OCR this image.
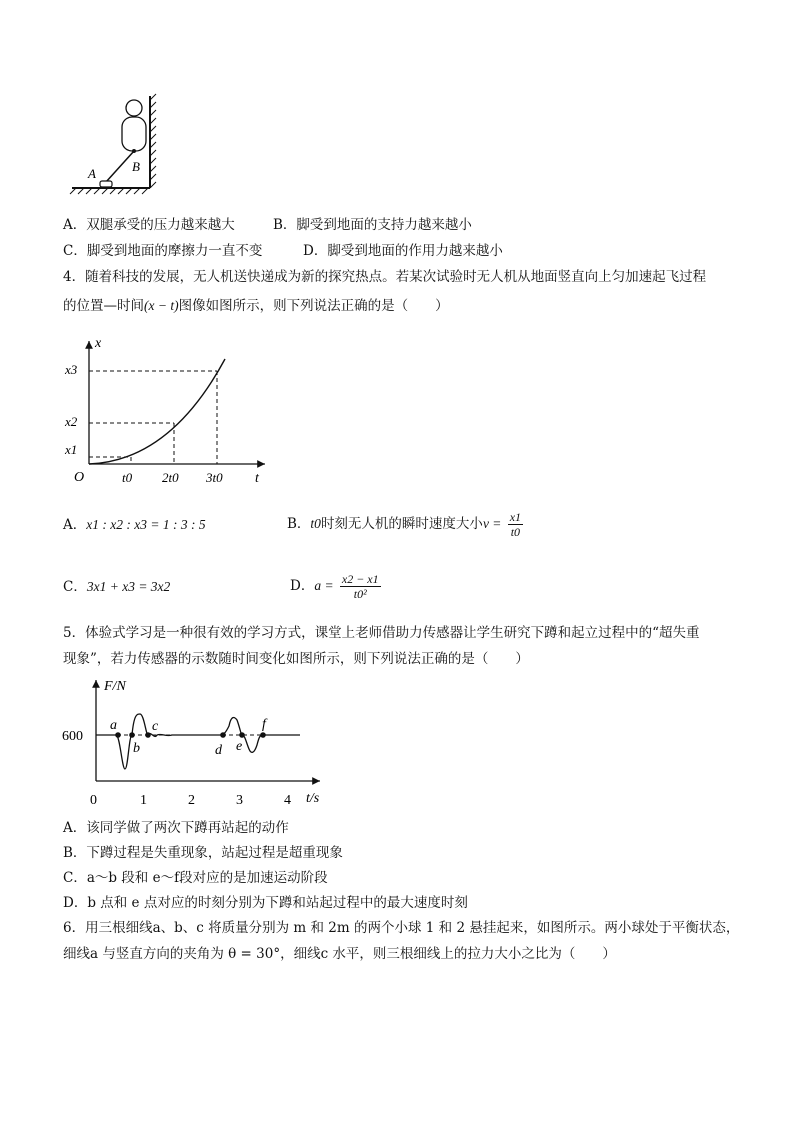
A	B
A．双腿承受的压力越来越大	B．脚受到地面的支持力越来越小
C．脚受到地面的摩擦力一直不变	D．脚受到地面的作用力越来越小
4．随着科技的发展，无人机送快递成为新的探究热点。若某次试验时无人机从地面竖直向上匀加速起飞过程
的位置—时间(x − t)图像如图所示，则下列说法正确的是（　　）
x
t
O	t0 2t0 3t0
x1
x2
x3
A．x1 : x2 : x3 = 1 : 3 : 5	B．t0时刻无人机的瞬时速度大小$v = \frac{x1}{t0}$
C．3x1 + x3 = 3x2	D．$a = \frac{x2 - x1}{\text{t0²}}$
5．体验式学习是一种很有效的学习方式，课堂上老师借助力传感器让学生研究下蹲和起立过程中的“超失重
现象”，若力传感器的示数随时间变化如图所示，则下列说法正确的是（　　）
F/N
t/s
600
0	1	2	3	4
a
b
c
d e
f
A．该同学做了两次下蹲再站起的动作
B．下蹲过程是失重现象，站起过程是超重现象
C．a～b 段和 e～f段对应的是加速运动阶段
D．b 点和 e 点对应的时刻分别为下蹲和站起过程中的最大速度时刻
6．用三根细线a、b、c 将质量分别为 m 和 2m 的两个小球 1 和 2 悬挂起来，如图所示。两小球处于平衡状态，
细线a 与竖直方向的夹角为 θ = 30°，细线c 水平，则三根细线上的拉力大小之比为（　　）
